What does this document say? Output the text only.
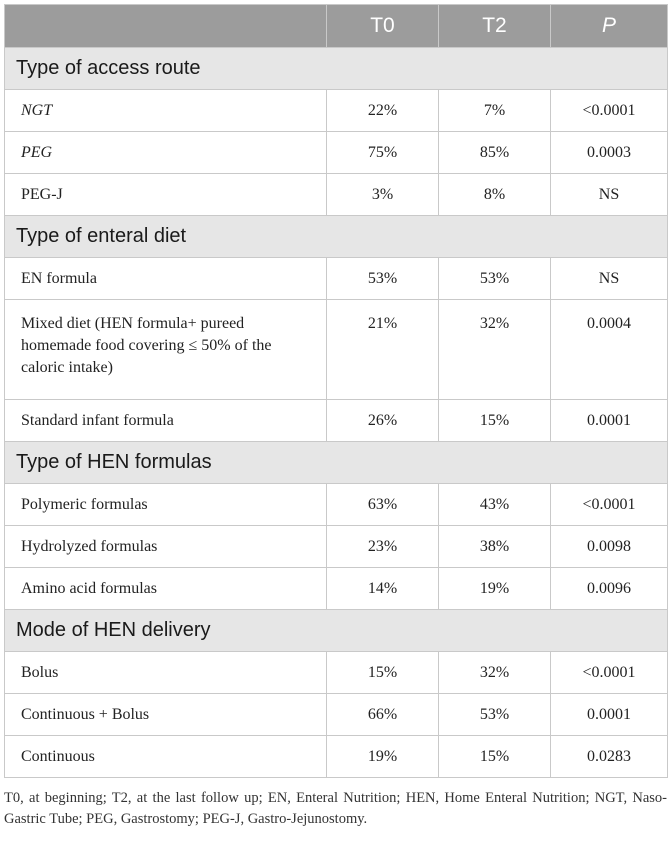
	T0	T2	P
Type of access route			
NGT	22%	7%	<0.0001
PEG	75%	85%	0.0003
PEG-J	3%	8%	NS
Type of enteral diet			
EN formula	53%	53%	NS
Mixed diet (HEN formula+ pureed homemade food covering ≤ 50% of the caloric intake)	21%	32%	0.0004
Standard infant formula	26%	15%	0.0001
Type of HEN formulas			
Polymeric formulas	63%	43%	<0.0001
Hydrolyzed formulas	23%	38%	0.0098
Amino acid formulas	14%	19%	0.0096
Mode of HEN delivery			
Bolus	15%	32%	<0.0001
Continuous + Bolus	66%	53%	0.0001
Continuous	19%	15%	0.0283
T0, at beginning; T2, at the last follow up; EN, Enteral Nutrition; HEN, Home Enteral Nutrition; NGT, Naso-Gastric Tube; PEG, Gastrostomy; PEG-J, Gastro-Jejunostomy.
